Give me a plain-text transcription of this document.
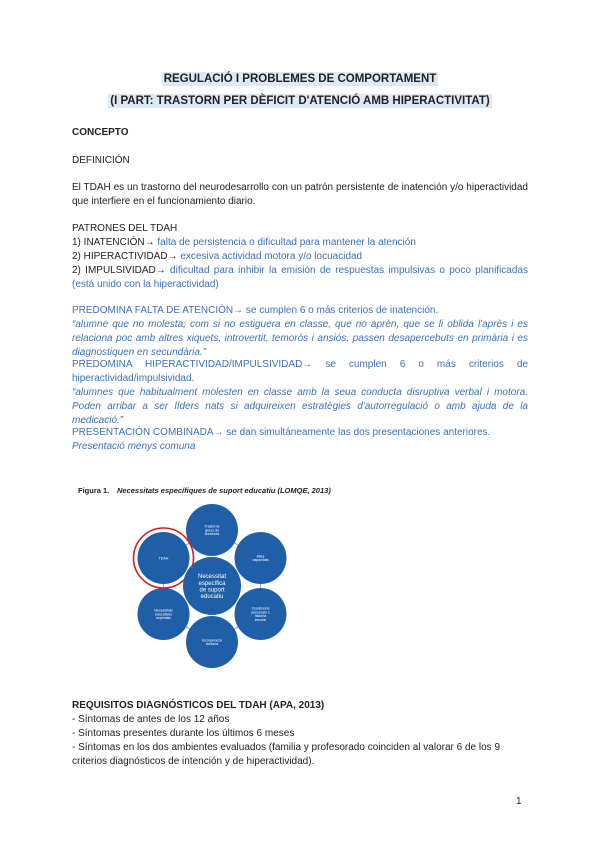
REGULACIÓ I PROBLEMES DE COMPORTAMENT
(I PART: TRASTORN PER DÈFICIT D'ATENCIÓ AMB HIPERACTIVITAT)
CONCEPTO
DEFINICIÓN
El TDAH es un trastorno del neurodesarrollo con un patrón persistente de inatención y/o hiperactividad que interfiere en el funcionamiento diario.
PATRONES DEL TDAH
1) INATENCIÓN→ falta de persistencia o dificultad para mantener la atención
2) HIPERACTIVIDAD→ excesiva actividad motora y/o locuacidad
2) IMPULSIVIDAD→ dificultad para inhibir la emisión de respuestas impulsivas o poco planificadas (está unido con la hiperactividad)
PREDOMINA FALTA DE ATENCIÓN→ se cumplen 6 o más criterios de inatención.
“alumne que no molesta; com si no estiguera en classe, que no aprèn, que se li oblida l'après i es relaciona poc amb altres xiquets, introvertit, temorós i ansiós, passen desapercebuts en primària i es diagnostiquen en secundària.”
PREDOMINA HIPERACTIVIDAD/IMPULSIVIDAD→ se cumplen 6 o más criterios de hiperactividad/impulsividad.
“alumnes que habitualment molesten en classe amb la seua conducta disruptiva verbal i motora. Poden arribar a ser líders nats si adquireixen estratègies d'autorregulació o amb ajuda de la medicació.”
PRESENTACIÓN COMBINADA→ se dan simultáneamente las dos presentaciones anteriores.
Presentació menys comuna
Figura 1. Necessitats específiques de suport educatiu (LOMQE, 2013)
Trastorns greus de conducta
Altes capacitats
Condicions personals o història escolar
Incorporació tardana
Necessitats educatives especials
TDAH
Necessitat específica de suport educatiu
REQUISITOS DIAGNÓSTICOS DEL TDAH (APA, 2013)
- Síntomas de antes de los 12 años
- Síntomas presentes durante los últimos 6 meses
- Síntomas en los dos ambientes evaluados (familia y profesorado coinciden al valorar 6 de los 9 criterios diagnósticos de intención y de hiperactividad).
1
